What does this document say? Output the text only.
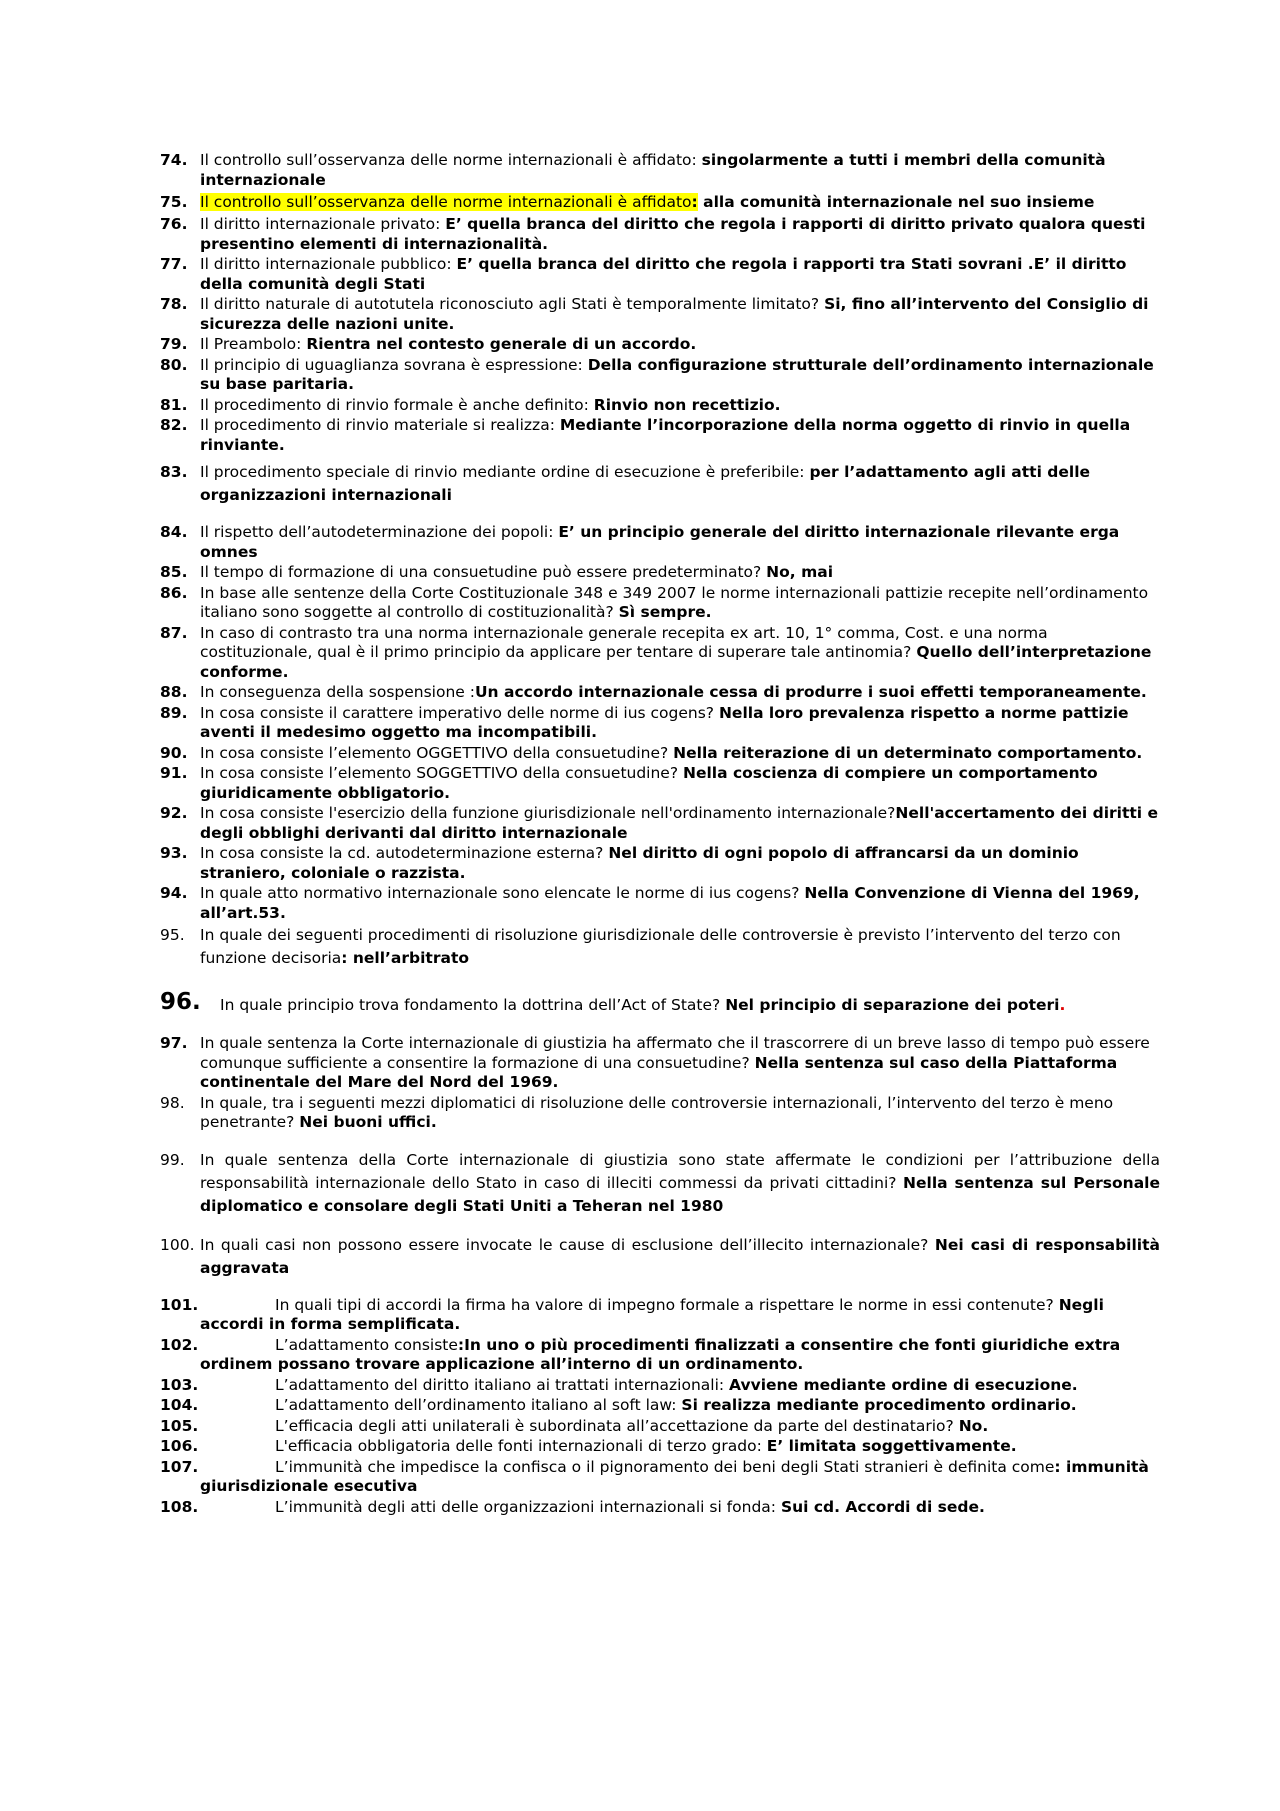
74. Il controllo sull’osservanza delle norme internazionali è affidato: singolarmente a tutti i membri della comunità internazionale
75. Il controllo sull’osservanza delle norme internazionali è affidato: alla comunità internazionale nel suo insieme
76. Il diritto internazionale privato: E’ quella branca del diritto che regola i rapporti di diritto privato qualora questi presentino elementi di internazionalità.
77. Il diritto internazionale pubblico: E’ quella branca del diritto che regola i rapporti tra Stati sovrani .E’ il diritto della comunità degli Stati
78. Il diritto naturale di autotutela riconosciuto agli Stati è temporalmente limitato? Si, fino all’intervento del Consiglio di sicurezza delle nazioni unite.
79. Il Preambolo: Rientra nel contesto generale di un accordo.
80. Il principio di uguaglianza sovrana è espressione: Della configurazione strutturale dell’ordinamento internazionale su base paritaria.
81. Il procedimento di rinvio formale è anche definito: Rinvio non recettizio.
82. Il procedimento di rinvio materiale si realizza: Mediante l’incorporazione della norma oggetto di rinvio in quella rinviante.
83. Il procedimento speciale di rinvio mediante ordine di esecuzione è preferibile: per l’adattamento agli atti delle organizzazioni internazionali
84. Il rispetto dell’autodeterminazione dei popoli: E’ un principio generale del diritto internazionale rilevante erga omnes
85. Il tempo di formazione di una consuetudine può essere predeterminato? No, mai
86. In base alle sentenze della Corte Costituzionale 348 e 349 2007 le norme internazionali pattizie recepite nell’ordinamento italiano sono soggette al controllo di costituzionalità? Sì sempre.
87. In caso di contrasto tra una norma internazionale generale recepita ex art. 10, 1° comma, Cost. e una norma costituzionale, qual è il primo principio da applicare per tentare di superare tale antinomia? Quello dell’interpretazione conforme.
88. In conseguenza della sospensione :Un accordo internazionale cessa di produrre i suoi effetti temporaneamente.
89. In cosa consiste il carattere imperativo delle norme di ius cogens? Nella loro prevalenza rispetto a norme pattizie aventi il medesimo oggetto ma incompatibili.
90. In cosa consiste l’elemento OGGETTIVO della consuetudine? Nella reiterazione di un determinato comportamento.
91. In cosa consiste l’elemento SOGGETTIVO della consuetudine? Nella coscienza di compiere un comportamento giuridicamente obbligatorio.
92. In cosa consiste l'esercizio della funzione giurisdizionale nell'ordinamento internazionale?Nell'accertamento dei diritti e degli obblighi derivanti dal diritto internazionale
93. In cosa consiste la cd. autodeterminazione esterna? Nel diritto di ogni popolo di affrancarsi da un dominio straniero, coloniale o razzista.
94. In quale atto normativo internazionale sono elencate le norme di ius cogens? Nella Convenzione di Vienna del 1969, all’art.53.
95. In quale dei seguenti procedimenti di risoluzione giurisdizionale delle controversie è previsto l’intervento del terzo con funzione decisoria: nell’arbitrato
96. In quale principio trova fondamento la dottrina dell’Act of State? Nel principio di separazione dei poteri.
97. In quale sentenza la Corte internazionale di giustizia ha affermato che il trascorrere di un breve lasso di tempo può essere comunque sufficiente a consentire la formazione di una consuetudine? Nella sentenza sul caso della Piattaforma continentale del Mare del Nord del 1969.
98. In quale, tra i seguenti mezzi diplomatici di risoluzione delle controversie internazionali, l’intervento del terzo è meno penetrante? Nei buoni uffici.
99. In quale sentenza della Corte internazionale di giustizia sono state affermate le condizioni per l’attribuzione della responsabilità internazionale dello Stato in caso di illeciti commessi da privati cittadini? Nella sentenza sul Personale diplomatico e consolare degli Stati Uniti a Teheran nel 1980
100. In quali casi non possono essere invocate le cause di esclusione dell’illecito internazionale? Nei casi di responsabilità aggravata
101.	In quali tipi di accordi la firma ha valore di impegno formale a rispettare le norme in essi contenute? Negli accordi in forma semplificata.
102.	L’adattamento consiste:In uno o più procedimenti finalizzati a consentire che fonti giuridiche extra ordinem possano trovare applicazione all’interno di un ordinamento.
103.	L’adattamento del diritto italiano ai trattati internazionali: Avviene mediante ordine di esecuzione.
104.	L’adattamento dell’ordinamento italiano al soft law: Si realizza mediante procedimento ordinario.
105.	L’efficacia degli atti unilaterali è subordinata all’accettazione da parte del destinatario? No.
106.	L'efficacia obbligatoria delle fonti internazionali di terzo grado: E’ limitata soggettivamente.
107.	L’immunità che impedisce la confisca o il pignoramento dei beni degli Stati stranieri è definita come: immunità giurisdizionale esecutiva
108.	L’immunità degli atti delle organizzazioni internazionali si fonda: Sui cd. Accordi di sede.
